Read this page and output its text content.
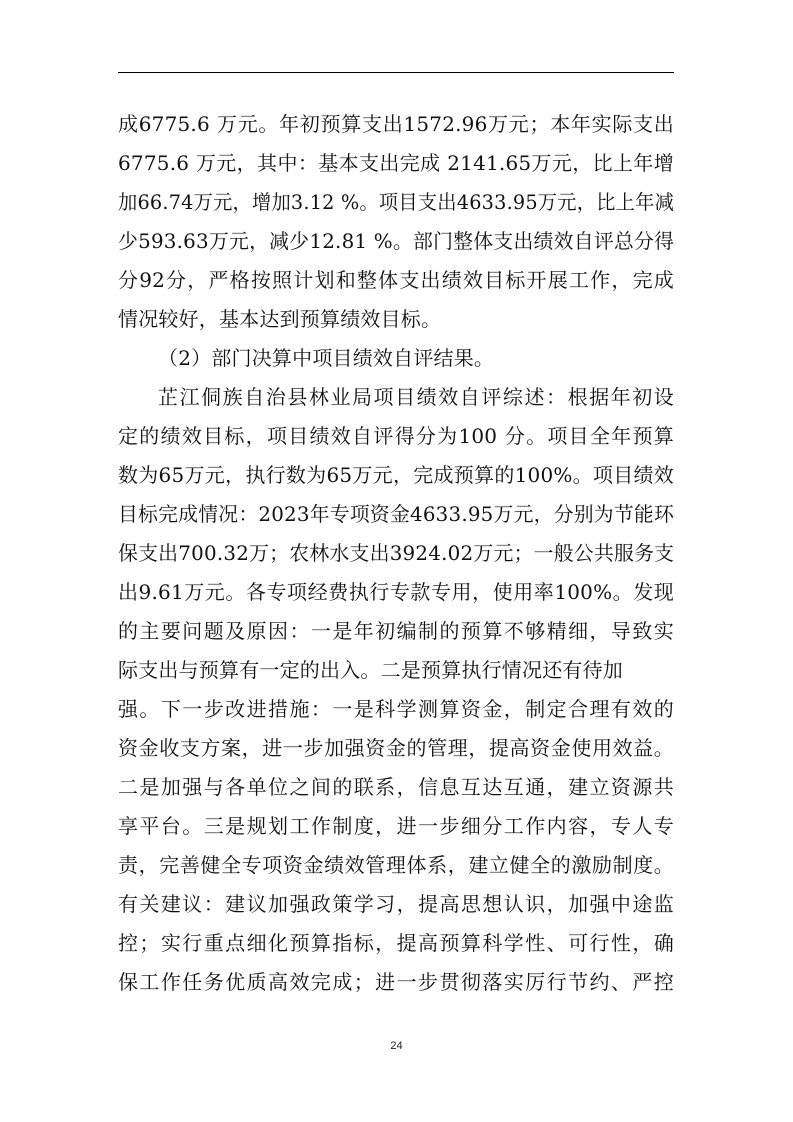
成6775.6 万元。年初预算支出1572.96万元；本年实际支出
6775.6 万元，其中：基本支出完成 2141.65万元，比上年增
加66.74万元，增加3.12 %。项目支出4633.95万元，比上年减
少593.63万元，减少12.81 %。部门整体支出绩效自评总分得
分92分，严格按照计划和整体支出绩效目标开展工作，完成
情况较好，基本达到预算绩效目标。
（2）部门决算中项目绩效自评结果。
芷江侗族自治县林业局项目绩效自评综述：根据年初设
定的绩效目标，项目绩效自评得分为100 分。项目全年预算
数为65万元，执行数为65万元，完成预算的100%。项目绩效
目标完成情况：2023年专项资金4633.95万元，分别为节能环
保支出700.32万；农林水支出3924.02万元；一般公共服务支
出9.61万元。各专项经费执行专款专用，使用率100%。发现
的主要问题及原因：一是年初编制的预算不够精细，导致实
际支出与预算有一定的出入。二是预算执行情况还有待加
强。下一步改进措施：一是科学测算资金，制定合理有效的
资金收支方案，进一步加强资金的管理，提高资金使用效益。
二是加强与各单位之间的联系，信息互达互通，建立资源共
享平台。三是规划工作制度，进一步细分工作内容，专人专
责，完善健全专项资金绩效管理体系，建立健全的激励制度。
有关建议：建议加强政策学习，提高思想认识，加强中途监
控；实行重点细化预算指标，提高预算科学性、可行性，确
保工作任务优质高效完成；进一步贯彻落实厉行节约、严控
24
